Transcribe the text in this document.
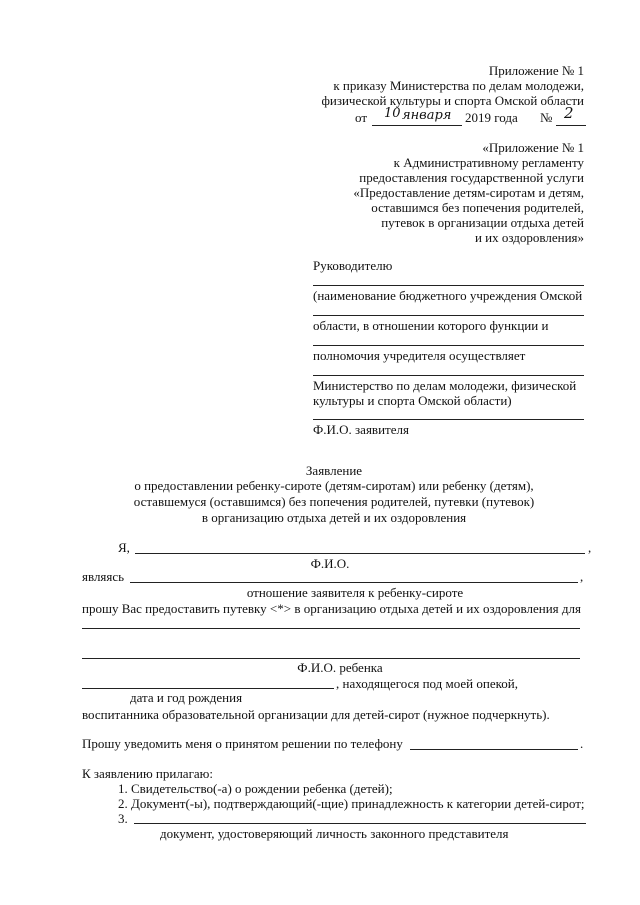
Приложение № 1
к приказу Министерства по делам молодежи,
физической культуры и спорта Омской области
от 10 января 2019 года № 2
«Приложение № 1
к Административному регламенту
предоставления государственной услуги
«Предоставление детям-сиротам и детям,
оставшимся без попечения родителей,
путевок в организации отдыха детей
и их оздоровления»
Руководителю
(наименование бюджетного учреждения Омской
области, в отношении которого функции и
полномочия учредителя осуществляет
Министерство по делам молодежи, физической
культуры и спорта Омской области)
Ф.И.О. заявителя
Заявление
о предоставлении ребенку-сироте (детям-сиротам) или ребенку (детям),
оставшемуся (оставшимся) без попечения родителей, путевки (путевок)
в организацию отдыха детей и их оздоровления
Я,	,
Ф.И.О.
являясь	,
отношение заявителя к ребенку-сироте
прошу Вас предоставить путевку <*> в организацию отдыха детей и их оздоровления для
Ф.И.О. ребенка
, находящегося под моей опекой,
дата и год рождения
воспитанника образовательной организации для детей-сирот (нужное подчеркнуть).
Прошу уведомить меня о принятом решении по телефону	.
К заявлению прилагаю:
1. Свидетельство(-а) о рождении ребенка (детей);
2. Документ(-ы), подтверждающий(-щие) принадлежность к категории детей-сирот;
3.
документ, удостоверяющий личность законного представителя
